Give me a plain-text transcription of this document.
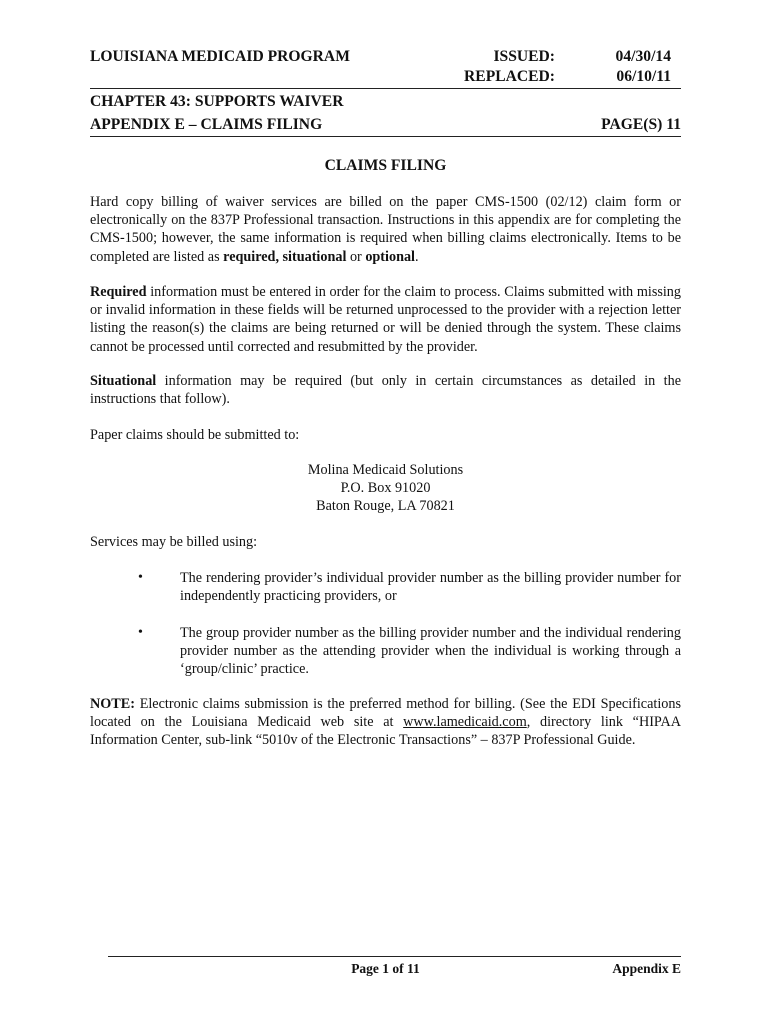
LOUISIANA MEDICAID PROGRAM	ISSUED:	04/30/14
REPLACED:	06/10/11
CHAPTER 43: SUPPORTS WAIVER
APPENDIX E – CLAIMS FILING	PAGE(S) 11
CLAIMS FILING
Hard copy billing of waiver services are billed on the paper CMS-1500 (02/12) claim form or electronically on the 837P Professional transaction. Instructions in this appendix are for completing the CMS-1500; however, the same information is required when billing claims electronically. Items to be completed are listed as required, situational or optional.
Required information must be entered in order for the claim to process. Claims submitted with missing or invalid information in these fields will be returned unprocessed to the provider with a rejection letter listing the reason(s) the claims are being returned or will be denied through the system. These claims cannot be processed until corrected and resubmitted by the provider.
Situational information may be required (but only in certain circumstances as detailed in the instructions that follow).
Paper claims should be submitted to:
Molina Medicaid Solutions
P.O. Box 91020
Baton Rouge, LA 70821
Services may be billed using:
•	The rendering provider’s individual provider number as the billing provider number for independently practicing providers, or
•	The group provider number as the billing provider number and the individual rendering provider number as the attending provider when the individual is working through a ‘group/clinic’ practice.
NOTE: Electronic claims submission is the preferred method for billing. (See the EDI Specifications located on the Louisiana Medicaid web site at www.lamedicaid.com, directory link “HIPAA Information Center, sub-link “5010v of the Electronic Transactions” – 837P Professional Guide.
Page 1 of 11	Appendix E
